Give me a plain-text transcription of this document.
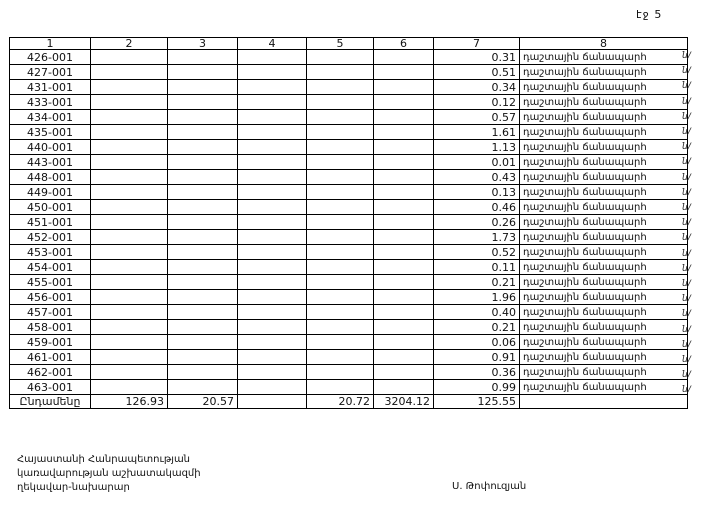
էջ 5
1	2	3	4	5	6	7	8
426-001						0.31	դաշտային ճանապարհ
427-001						0.51	դաշտային ճանապարհ
431-001						0.34	դաշտային ճանապարհ
433-001						0.12	դաշտային ճանապարհ
434-001						0.57	դաշտային ճանապարհ
435-001						1.61	դաշտային ճանապարհ
440-001						1.13	դաշտային ճանապարհ
443-001						0.01	դաշտային ճանապարհ
448-001						0.43	դաշտային ճանապարհ
449-001						0.13	դաշտային ճանապարհ
450-001						0.46	դաշտային ճանապարհ
451-001						0.26	դաշտային ճանապարհ
452-001						1.73	դաշտային ճանապարհ
453-001						0.52	դաշտային ճանապարհ
454-001						0.11	դաշտային ճանապարհ
455-001						0.21	դաշտային ճանապարհ
456-001						1.96	դաշտային ճանապարհ
457-001						0.40	դաշտային ճանապարհ
458-001						0.21	դաշտային ճանապարհ
459-001						0.06	դաշտային ճանապարհ
461-001						0.91	դաշտային ճանապարհ
462-001						0.36	դաշտային ճանապարհ
463-001						0.99	դաշտային ճանապարհ
Ընդամենը	126.93	20.57		20.72	3204.12	125.55	
ն/
ն/
ն/
ն/
ն/
ն/
ն/
ն/
ն/
ն/
ն/
ն/
ն/
ն/
ն/
ն/
ն/
ն/
ն/
ն/
ն/
ն/
ն/
Հայաստանի Հանրապետության
կառավարության աշխատակազմի
ղեկավար-նախարար	Ս. Թոփուզյան
